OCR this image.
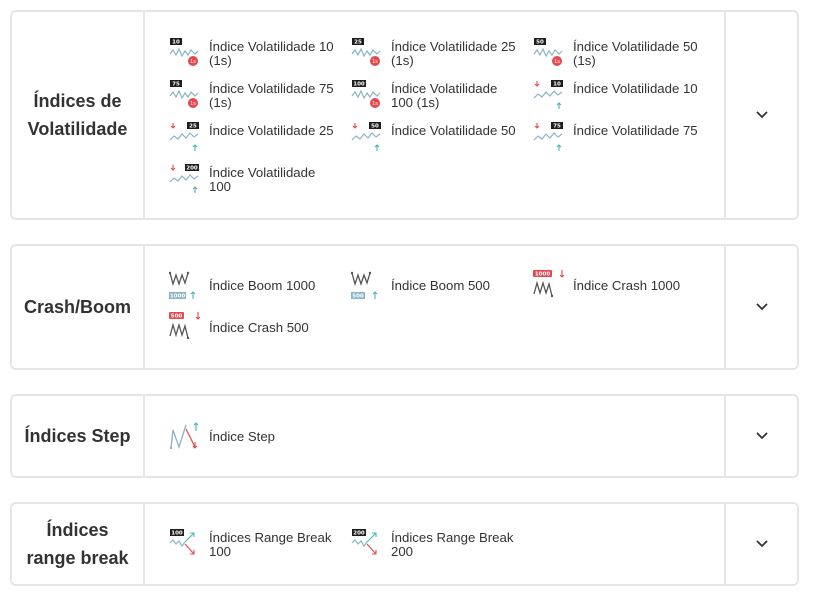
Índices de
Volatilidade
10
1s
Índice Volatilidade 10 (1s)
25
1s
Índice Volatilidade 25 (1s)
50
1s
Índice Volatilidade 50 (1s)
75
1s
Índice Volatilidade 75 (1s)
100
1s
Índice Volatilidade 100 (1s)
10 Índice Volatilidade 10
25 Índice Volatilidade 25	50 Índice Volatilidade 50	75 Índice Volatilidade 75
200 Índice Volatilidade 100
Crash/Boom
1000
Índice Boom 1000
500
Índice Boom 500
1000
Índice Crash 1000
500
Índice Crash 500
Índices Step	Índice Step
Índices
range break
100 Índices Range Break 100
200 Índices Range Break 200
